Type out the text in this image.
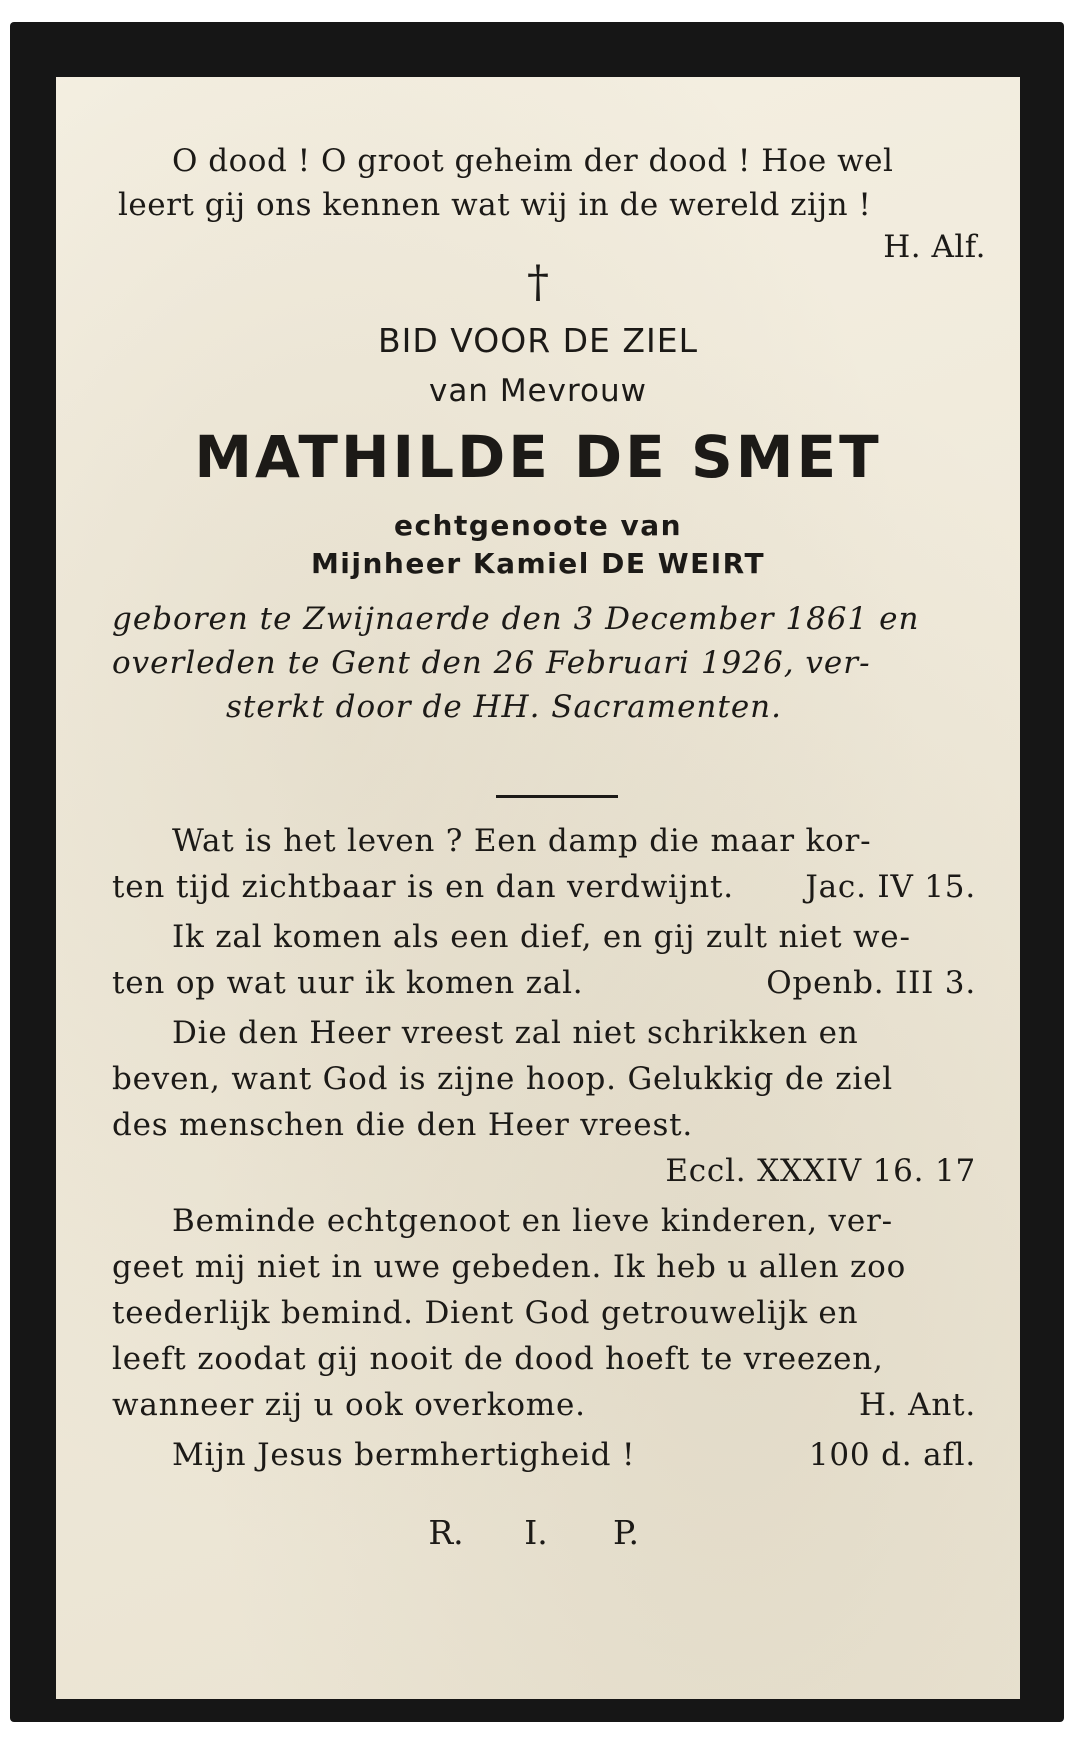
O dood ! O groot geheim der dood ! Hoe wel

leert gij ons kennen wat wij in de wereld zijn !

H. Alf.

†

BID VOOR DE ZIEL

van Mevrouw

MATHILDE DE SMET

echtgenoote van

Mijnheer Kamiel DE WEIRT

geboren te Zwijnaerde den 3 December 1861 en

overleden te Gent den 26 Februari 1926, ver-

sterkt door de HH. Sacramenten.

Wat is het leven ? Een damp die maar kor-

ten tijd zichtbaar is en dan verdwijnt. Jac. IV 15.

Ik zal komen als een dief, en gij zult niet we-

ten op wat uur ik komen zal.	Openb. III 3.

Die den Heer vreest zal niet schrikken en

beven, want God is zijne hoop. Gelukkig de ziel

des menschen die den Heer vreest.

Eccl. XXXIV 16. 17

Beminde echtgenoot en lieve kinderen, ver-

geet mij niet in uwe gebeden. Ik heb u allen zoo

teederlijk bemind. Dient God getrouwelijk en

leeft zoodat gij nooit de dood hoeft te vreezen,

wanneer zij u ook overkome.	H. Ant.

Mijn Jesus bermhertigheid !	100 d. afl.

R. I. P.
